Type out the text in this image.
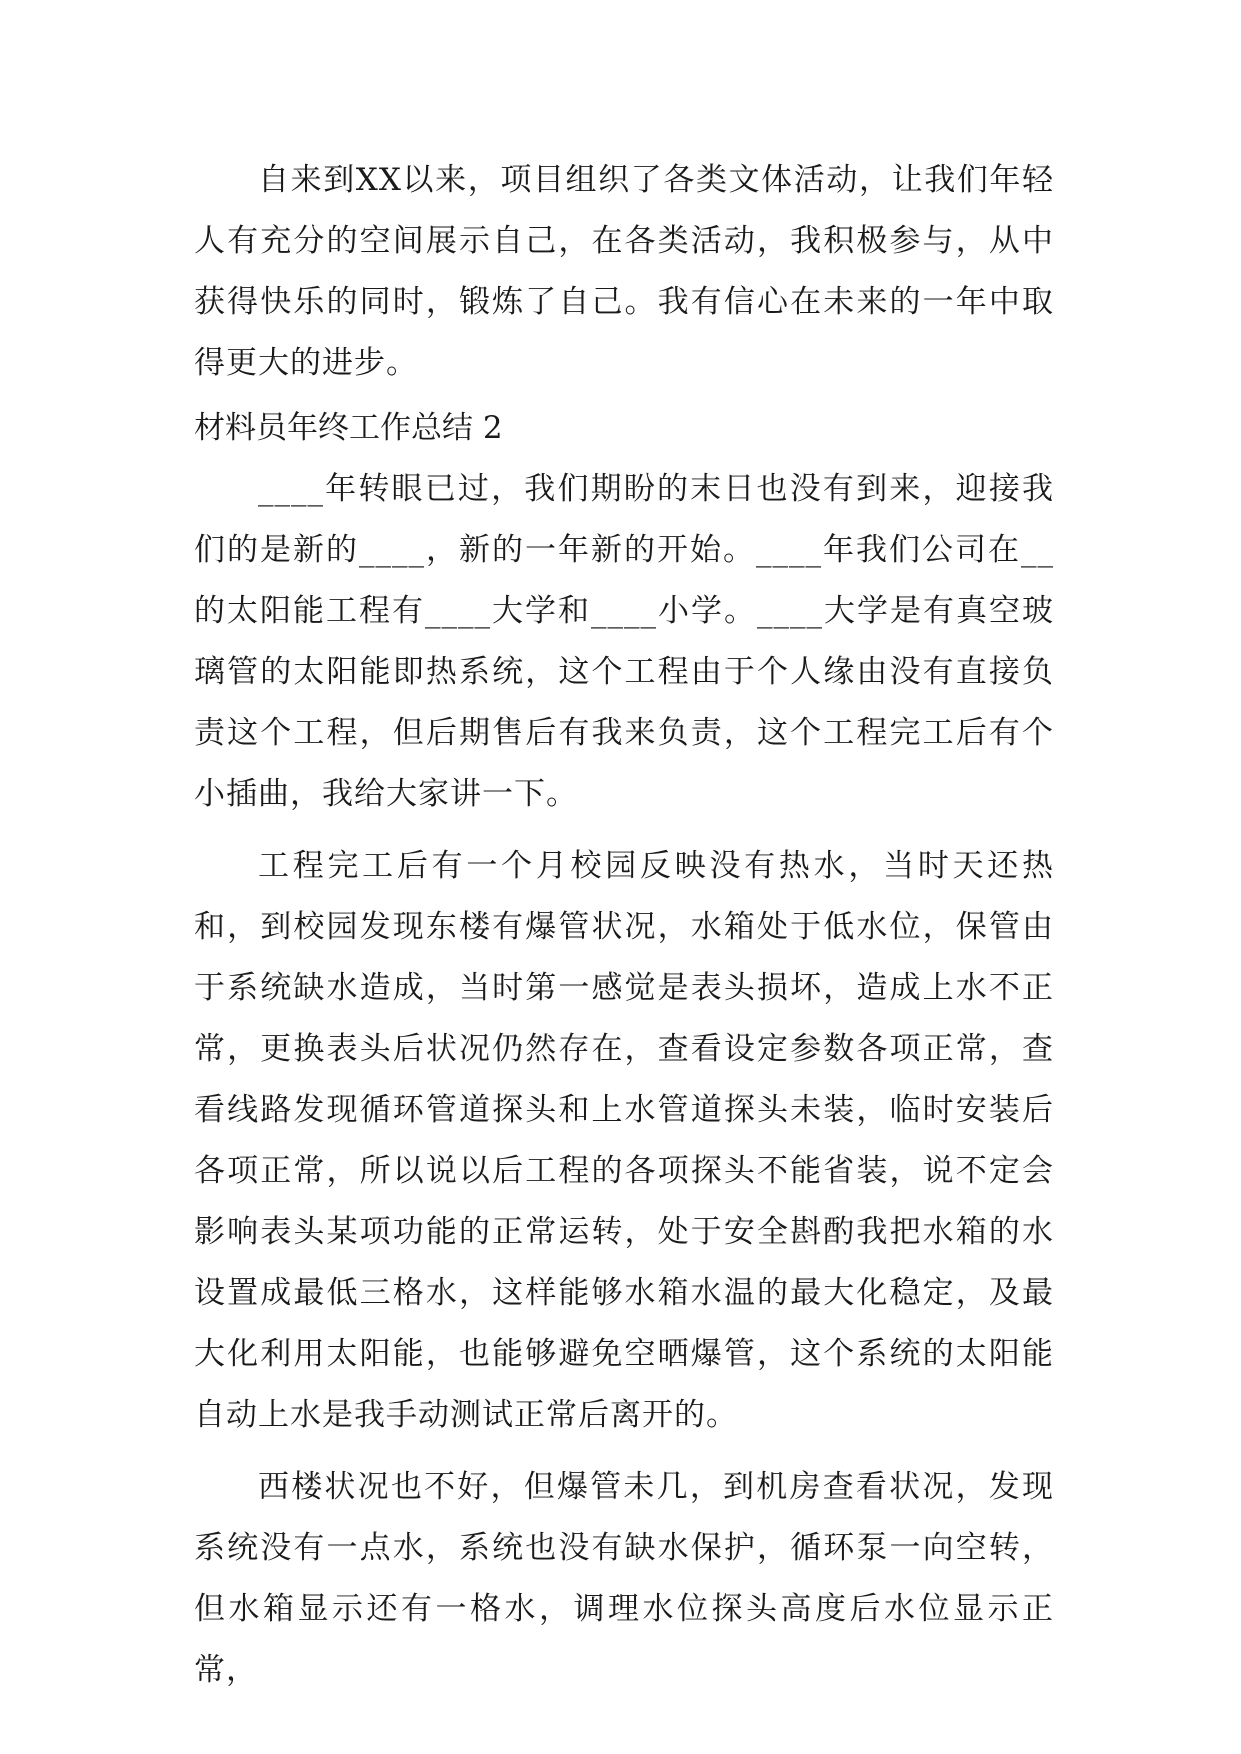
自来到XX以来，项目组织了各类文体活动，让我们年轻人有充分的空间展示自己，在各类活动，我积极参与，从中获得快乐的同时，锻炼了自己。我有信心在未来的一年中取得更大的进步。

材料员年终工作总结 2

____年转眼已过，我们期盼的末日也没有到来，迎接我们的是新的____，新的一年新的开始。____年我们公司在__的太阳能工程有____大学和____小学。____大学是有真空玻璃管的太阳能即热系统，这个工程由于个人缘由没有直接负责这个工程，但后期售后有我来负责，这个工程完工后有个小插曲，我给大家讲一下。

工程完工后有一个月校园反映没有热水，当时天还热和，到校园发现东楼有爆管状况，水箱处于低水位，保管由于系统缺水造成，当时第一感觉是表头损坏，造成上水不正常，更换表头后状况仍然存在，查看设定参数各项正常，查看线路发现循环管道探头和上水管道探头未装，临时安装后各项正常，所以说以后工程的各项探头不能省装，说不定会影响表头某项功能的正常运转，处于安全斟酌我把水箱的水设置成最低三格水，这样能够水箱水温的最大化稳定，及最大化利用太阳能，也能够避免空晒爆管，这个系统的太阳能自动上水是我手动测试正常后离开的。

西楼状况也不好，但爆管未几，到机房查看状况，发现系统没有一点水，系统也没有缺水保护，循环泵一向空转，但水箱显示还有一格水，调理水位探头高度后水位显示正常，
